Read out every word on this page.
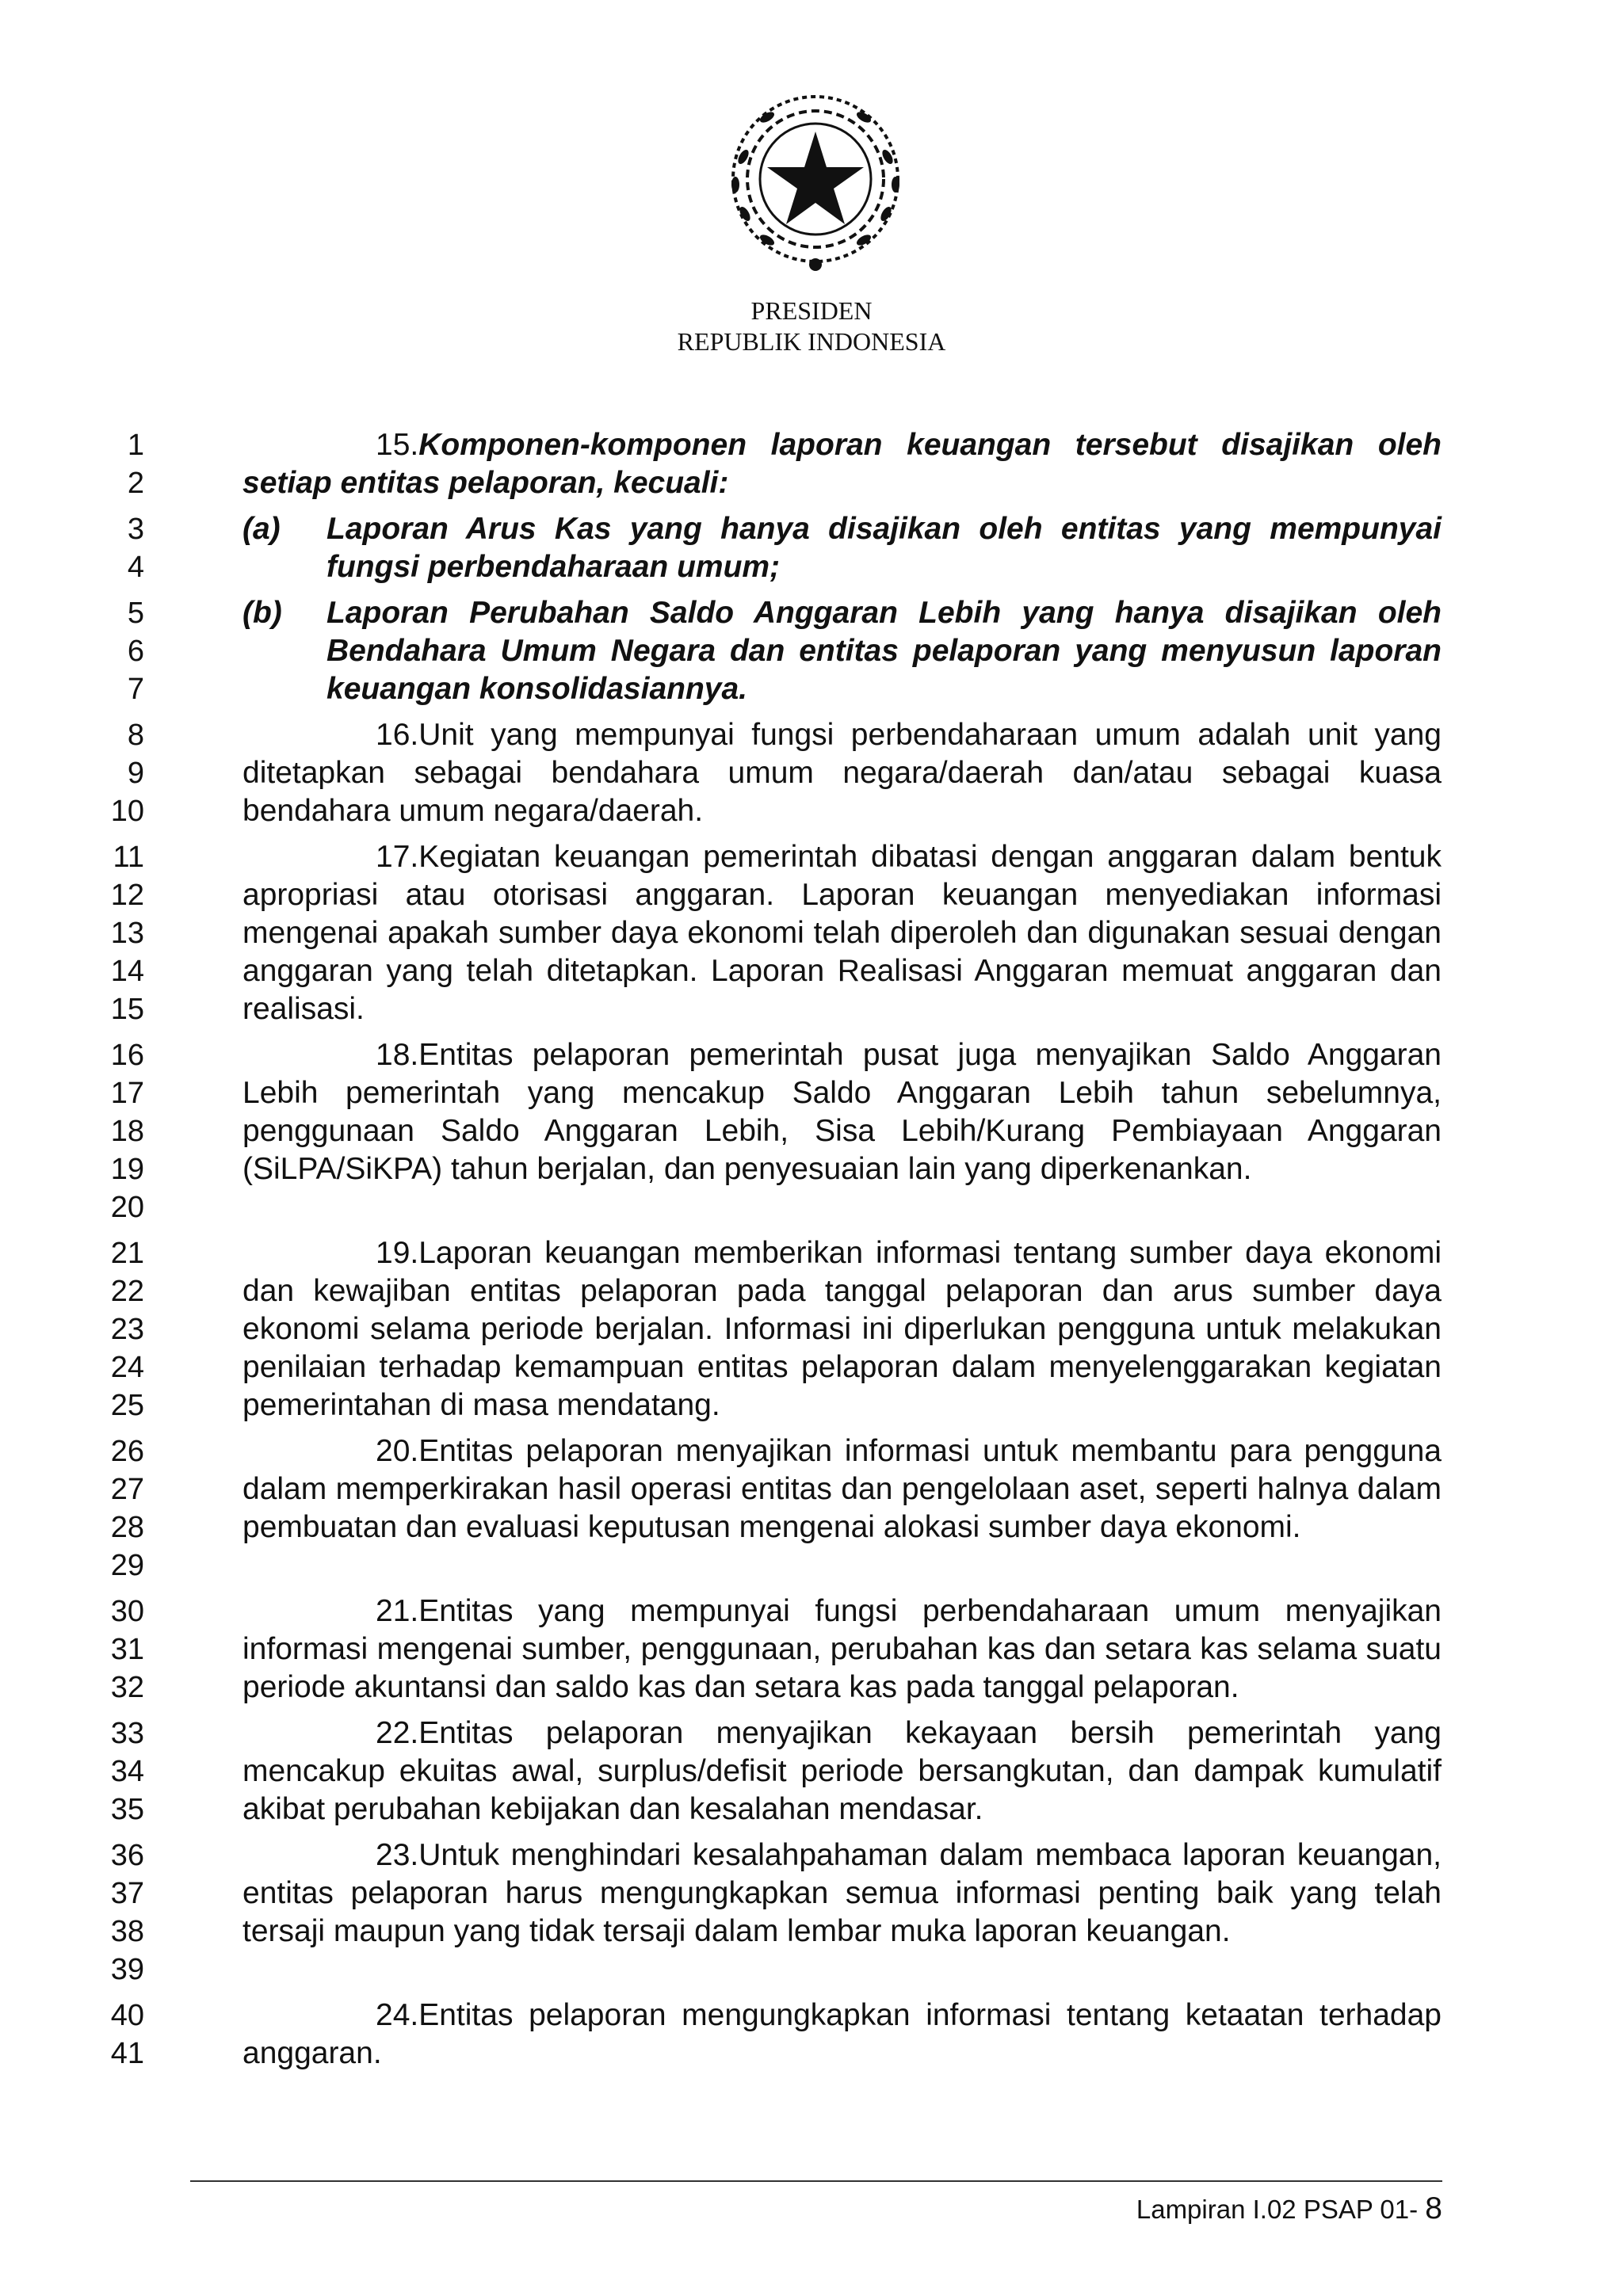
PRESIDEN
REPUBLIK INDONESIA
1
2
3
4
5
6
7
8
9
10
11
12
13
14
15
16
17
18
19
20
21
22
23
24
25
26
27
28
29
30
31
32
33
34
35
36
37
38
39
40
41
15.Komponen-komponen laporan keuangan tersebut disajikan oleh setiap entitas pelaporan, kecuali:
(a) Laporan Arus Kas yang hanya disajikan oleh entitas yang mempunyai fungsi perbendaharaan umum;
(b) Laporan Perubahan Saldo Anggaran Lebih yang hanya disajikan oleh Bendahara Umum Negara dan entitas pelaporan yang menyusun laporan keuangan konsolidasiannya.
16.Unit yang mempunyai fungsi perbendaharaan umum adalah unit yang ditetapkan sebagai bendahara umum negara/daerah dan/atau sebagai kuasa bendahara umum negara/daerah.
17.Kegiatan keuangan pemerintah dibatasi dengan anggaran dalam bentuk apropriasi atau otorisasi anggaran. Laporan keuangan menyediakan informasi mengenai apakah sumber daya ekonomi telah diperoleh dan digunakan sesuai dengan anggaran yang telah ditetapkan. Laporan Realisasi Anggaran memuat anggaran dan realisasi.
18.Entitas pelaporan pemerintah pusat juga menyajikan Saldo Anggaran Lebih pemerintah yang mencakup Saldo Anggaran Lebih tahun sebelumnya, penggunaan Saldo Anggaran Lebih, Sisa Lebih/Kurang Pembiayaan Anggaran (SiLPA/SiKPA) tahun berjalan, dan penyesuaian lain yang diperkenankan.
19.Laporan keuangan memberikan informasi tentang sumber daya ekonomi dan kewajiban entitas pelaporan pada tanggal pelaporan dan arus sumber daya ekonomi selama periode berjalan. Informasi ini diperlukan pengguna untuk melakukan penilaian terhadap kemampuan entitas pelaporan dalam menyelenggarakan kegiatan pemerintahan di masa mendatang.
20.Entitas pelaporan menyajikan informasi untuk membantu para pengguna dalam memperkirakan hasil operasi entitas dan pengelolaan aset, seperti halnya dalam pembuatan dan evaluasi keputusan mengenai alokasi sumber daya ekonomi.
21.Entitas yang mempunyai fungsi perbendaharaan umum menyajikan informasi mengenai sumber, penggunaan, perubahan kas dan setara kas selama suatu periode akuntansi dan saldo kas dan setara kas pada tanggal pelaporan.
22.Entitas pelaporan menyajikan kekayaan bersih pemerintah yang mencakup ekuitas awal, surplus/defisit periode bersangkutan, dan dampak kumulatif akibat perubahan kebijakan dan kesalahan mendasar.
23.Untuk menghindari kesalahpahaman dalam membaca laporan keuangan, entitas pelaporan harus mengungkapkan semua informasi penting baik yang telah tersaji maupun yang tidak tersaji dalam lembar muka laporan keuangan.
24.Entitas pelaporan mengungkapkan informasi tentang ketaatan terhadap anggaran.
Lampiran I.02 PSAP 01- 8
